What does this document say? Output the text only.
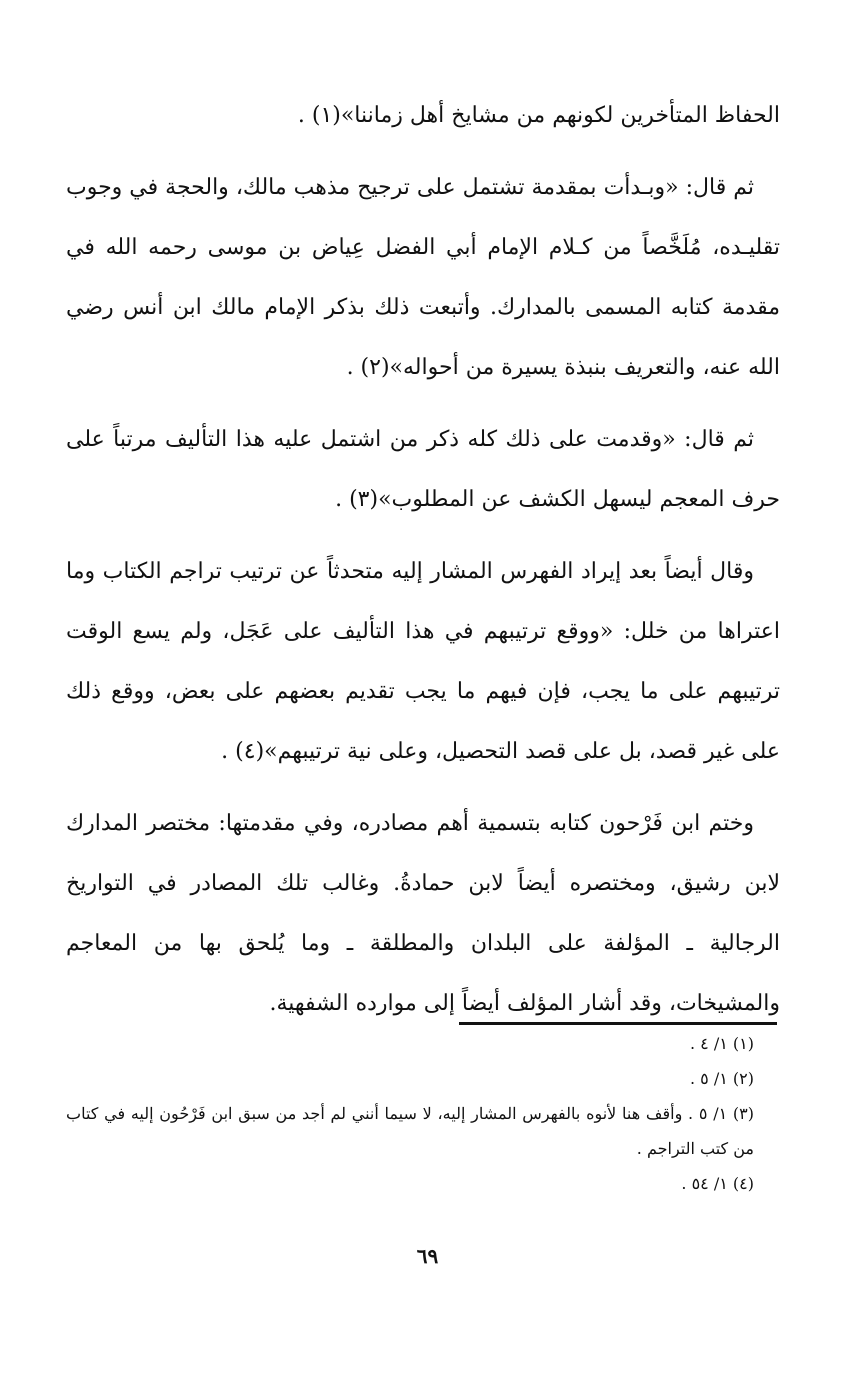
الحفاظ المتأخرين لكونهم من مشايخ أهل زماننا»(١) .

ثم قال: «وبـدأت بمقدمة تشتمل على ترجيح مذهب مالك، والحجة في وجوب تقليـده، مُلَخَّصاً من كـلام الإمام أبي الفضل عِياض بن موسى رحمه الله في مقدمة كتابه المسمى بالمدارك. وأتبعت ذلك بذكر الإمام مالك ابن أنس رضي الله عنه، والتعريف بنبذة يسيرة من أحواله»(٢) .

ثم قال: «وقدمت على ذلك كله ذكر من اشتمل عليه هذا التأليف مرتباً على حرف المعجم ليسهل الكشف عن المطلوب»(٣) .

وقال أيضاً بعد إيراد الفهرس المشار إليه متحدثاً عن ترتيب تراجم الكتاب وما اعتراها من خلل: «ووقع ترتيبهم في هذا التأليف على عَجَل، ولم يسع الوقت ترتيبهم على ما يجب، فإن فيهم ما يجب تقديم بعضهم على بعض، ووقع ذلك على غير قصد، بل على قصد التحصيل، وعلى نية ترتيبهم»(٤) .

وختم ابن فَرْحون كتابه بتسمية أهم مصادره، وفي مقدمتها: مختصر المدارك لابن رشيق، ومختصره أيضاً لابن حمادةُ. وغالب تلك المصادر في التواريخ الرجالية ـ المؤلفة على البلدان والمطلقة ـ وما يُلحق بها من المعاجم والمشيخات، وقد أشار المؤلف أيضاً إلى موارده الشفهية.

(١) ١/ ٤ .

(٢) ١/ ٥ .

(٣) ١/ ٥ . وأقف هنا لأنوه بالفهرس المشار إليه، لا سيما أنني لم أجد من سبق ابن فَرْحُون إليه في كتاب من كتب التراجم .

(٤) ١/ ٥٤ .

٦٩
